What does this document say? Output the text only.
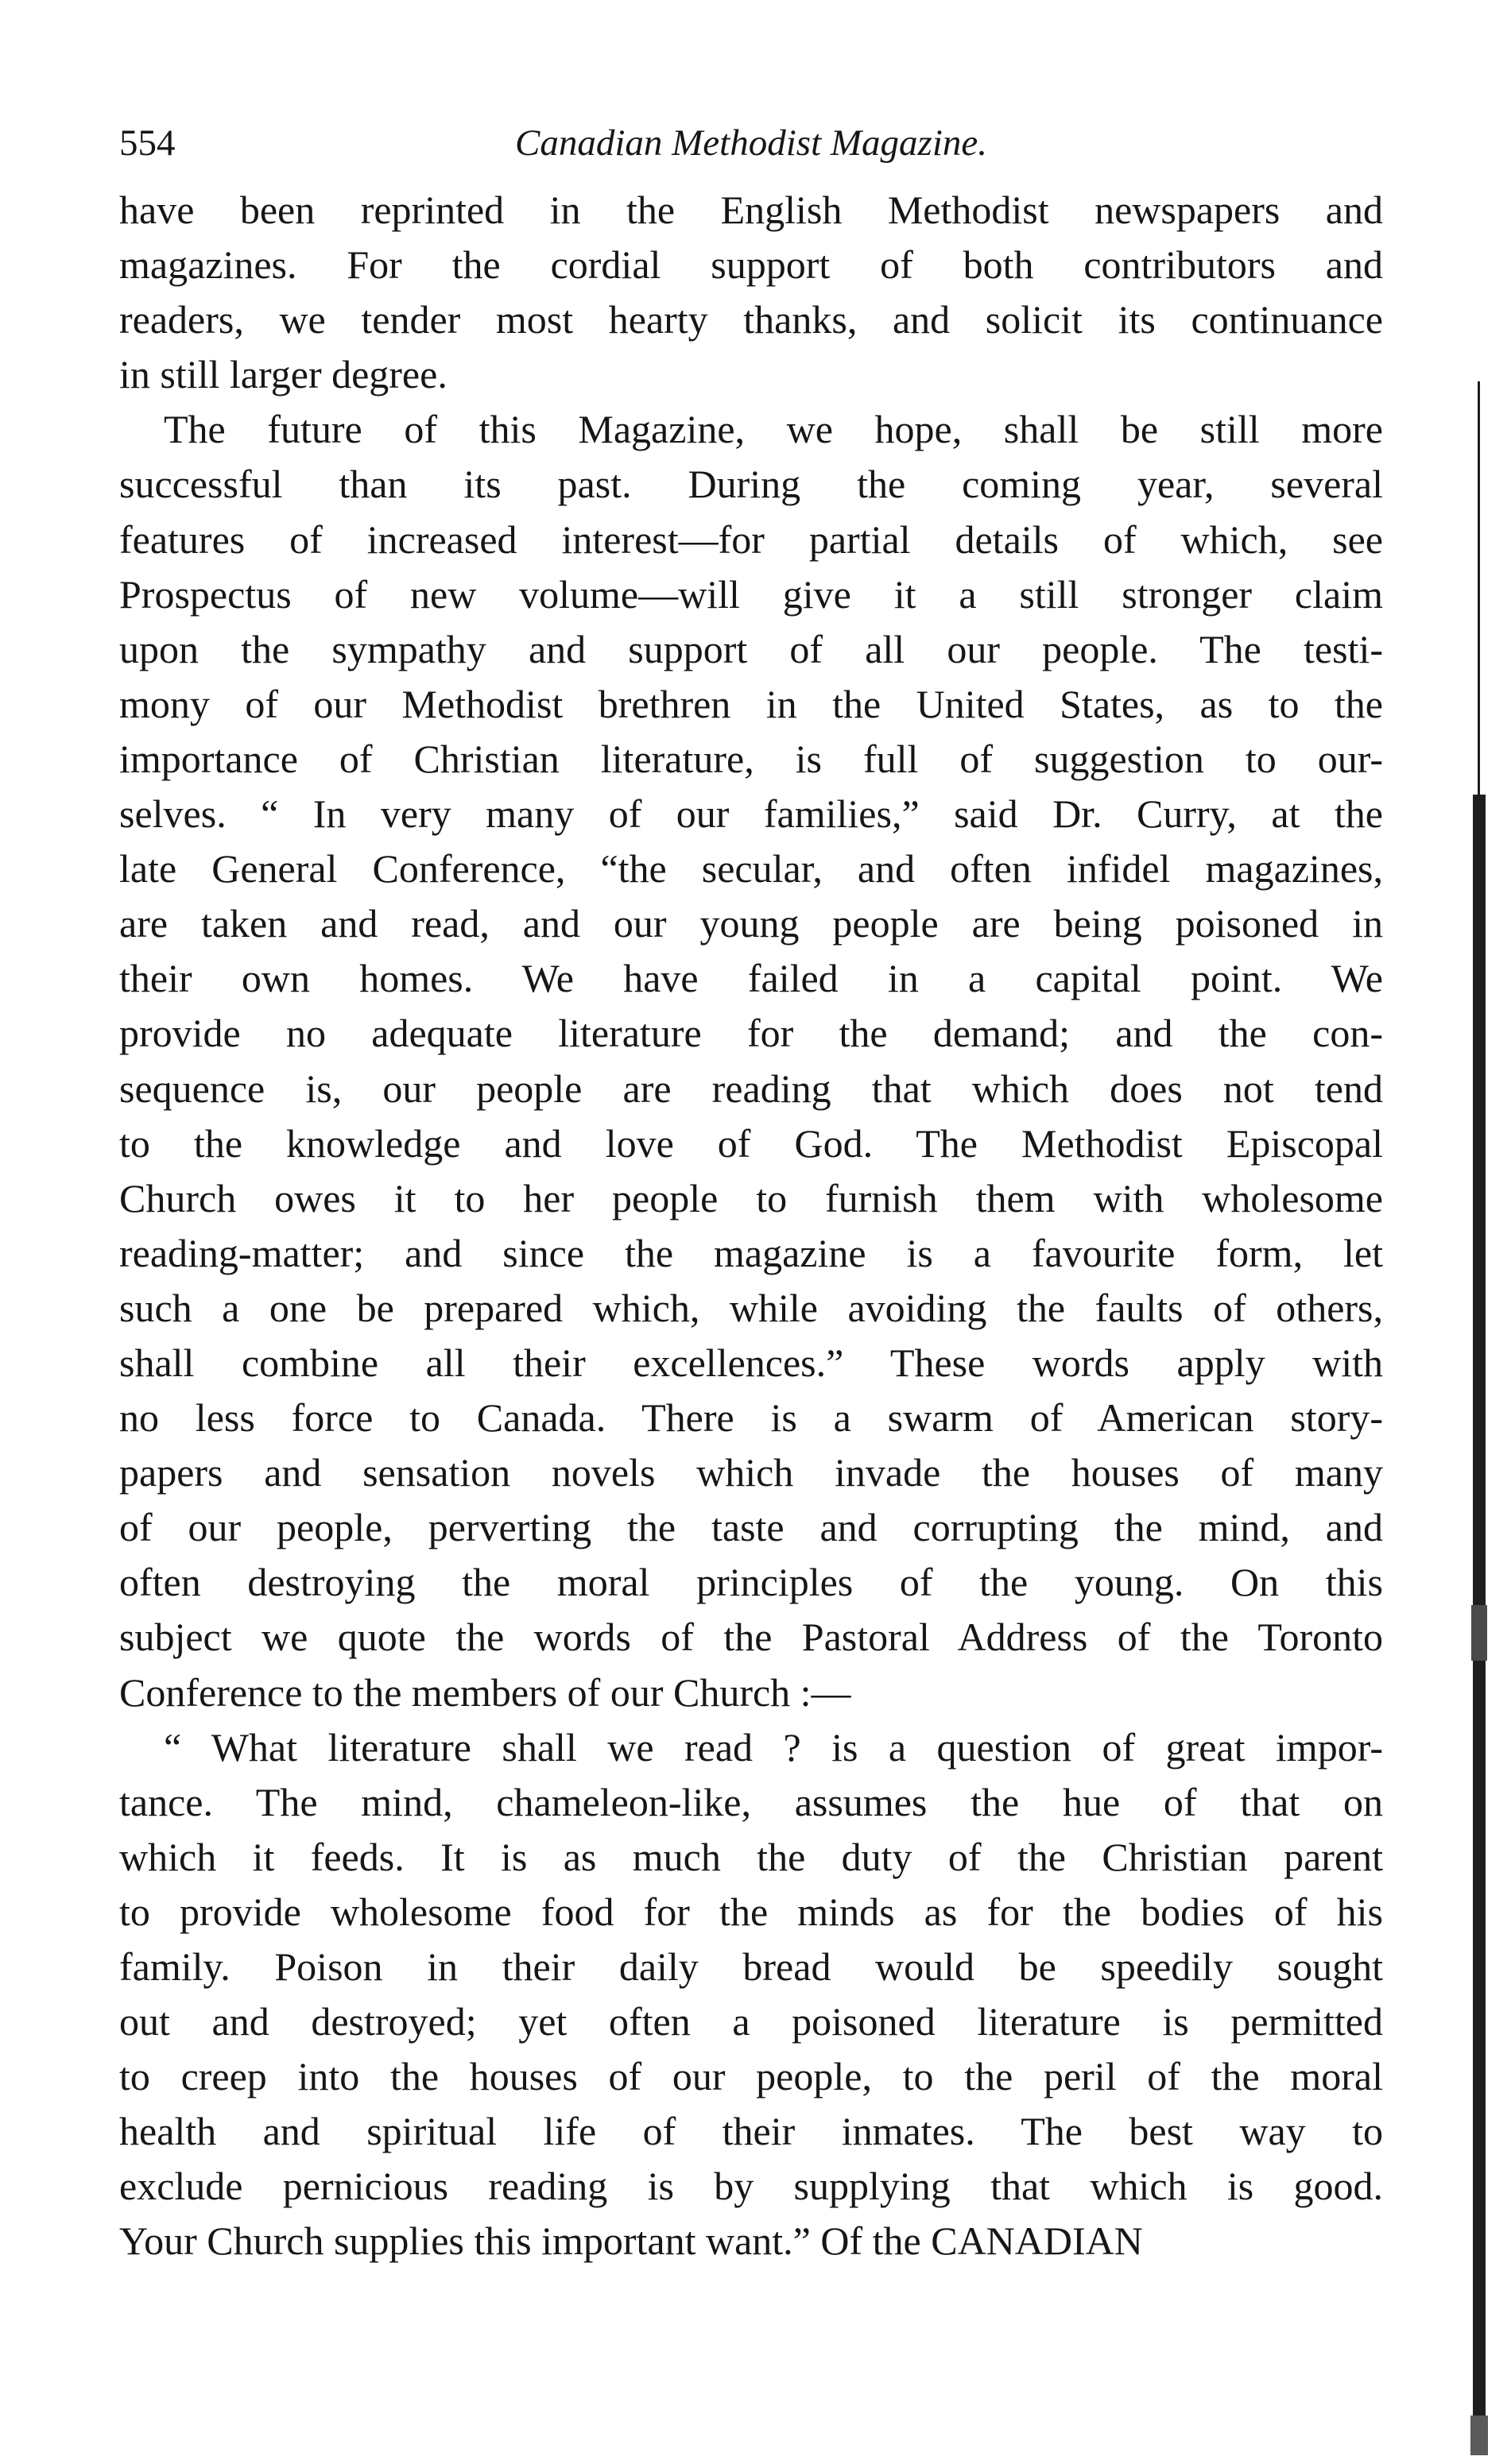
554	Canadian Methodist Magazine.
have been reprinted in the English Methodist newspapers and
magazines. For the cordial support of both contributors and
readers, we tender most hearty thanks, and solicit its continuance
in still larger degree.
The future of this Magazine, we hope, shall be still more
successful than its past. During the coming year, several
features of increased interest—for partial details of which, see
Prospectus of new volume—will give it a still stronger claim
upon the sympathy and support of all our people. The testi-
mony of our Methodist brethren in the United States, as to the
importance of Christian literature, is full of suggestion to our-
selves. “ In very many of our families,” said Dr. Curry, at the
late General Conference, “the secular, and often infidel magazines,
are taken and read, and our young people are being poisoned in
their own homes. We have failed in a capital point. We
provide no adequate literature for the demand; and the con-
sequence is, our people are reading that which does not tend
to the knowledge and love of God. The Methodist Episcopal
Church owes it to her people to furnish them with wholesome
reading-matter; and since the magazine is a favourite form, let
such a one be prepared which, while avoiding the faults of others,
shall combine all their excellences.” These words apply with
no less force to Canada. There is a swarm of American story-
papers and sensation novels which invade the houses of many
of our people, perverting the taste and corrupting the mind, and
often destroying the moral principles of the young. On this
subject we quote the words of the Pastoral Address of the Toronto
Conference to the members of our Church :—
“ What literature shall we read ? is a question of great impor-
tance. The mind, chameleon-like, assumes the hue of that on
which it feeds. It is as much the duty of the Christian parent
to provide wholesome food for the minds as for the bodies of his
family. Poison in their daily bread would be speedily sought
out and destroyed; yet often a poisoned literature is permitted
to creep into the houses of our people, to the peril of the moral
health and spiritual life of their inmates. The best way to
exclude pernicious reading is by supplying that which is good.
Your Church supplies this important want.” Of the CANADIAN
